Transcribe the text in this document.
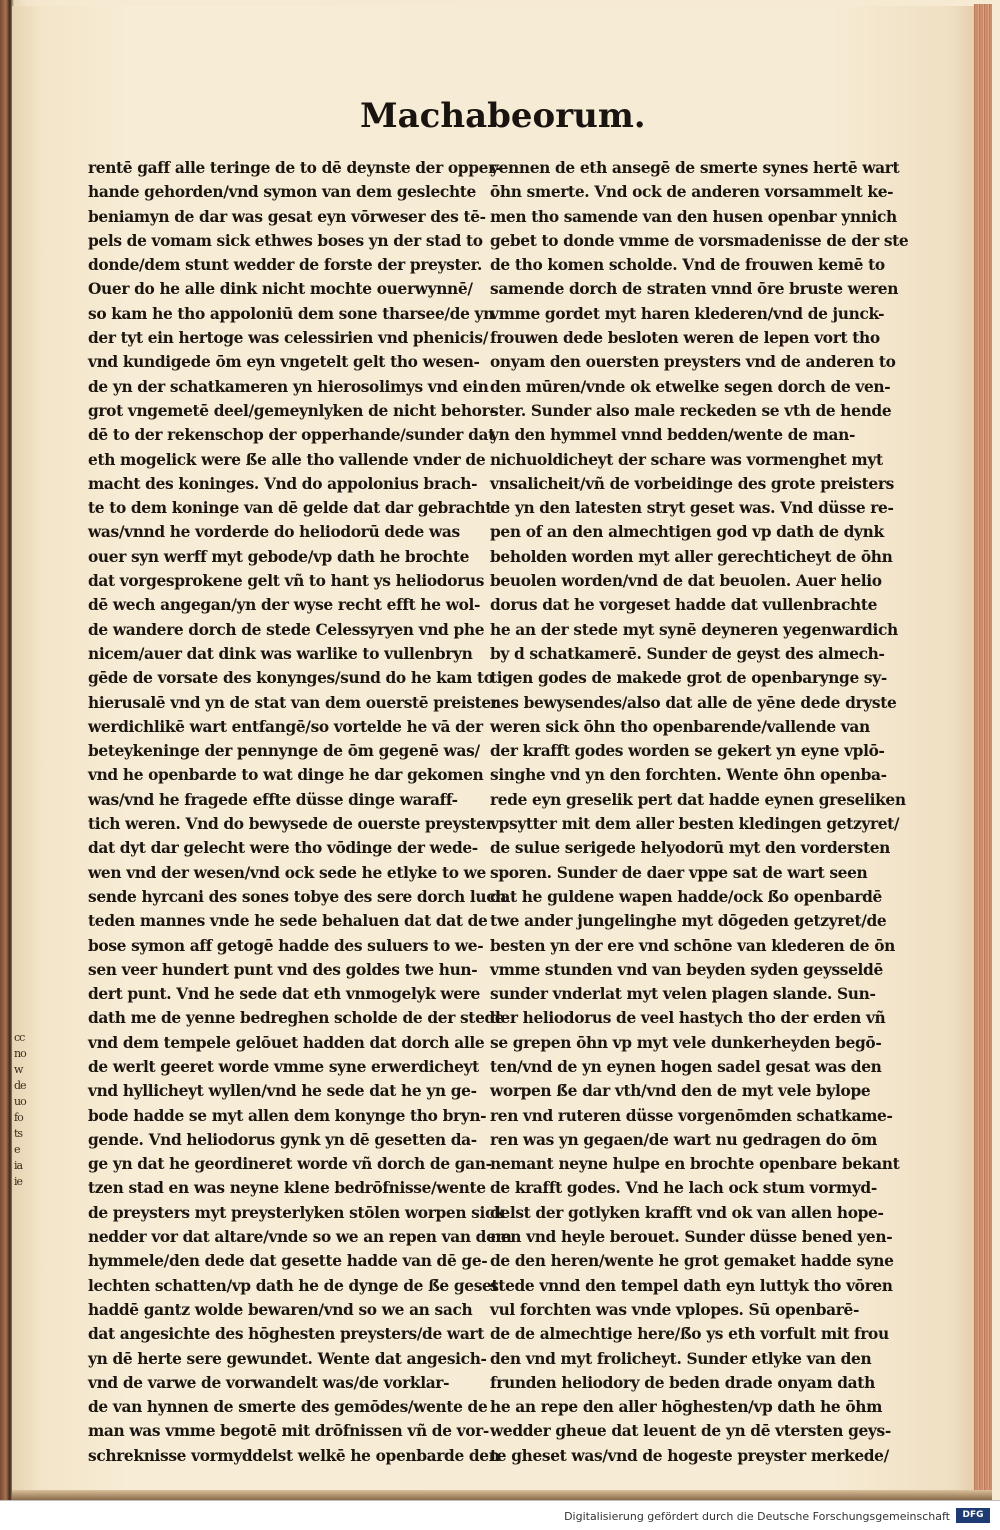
cc
no
w
de
uo
fo
ts
e
ia
ie
Machabeorum.
rentē gaff alle teringe de to dē deynste der opper-
hande gehorden/vnd symon van dem geslechte
beniamyn de dar was gesat eyn vōrweser des tē-
pels de vomam sick ethwes boses yn der stad to
donde/dem stunt wedder de forste der preyster.
Ouer do he alle dink nicht mochte ouerwynnē/
so kam he tho appoloniū dem sone tharsee/de yn
der tyt ein hertoge was celessirien vnd phenicis/
vnd kundigede ōm eyn vngetelt gelt tho wesen-
de yn der schatkameren yn hierosolimys vnd ein
grot vngemetē deel/gemeynlyken de nicht behor-
dē to der rekenschop der opperhande/sunder dat
eth mogelick were ß̄e alle tho vallende vnder de
macht des koninges. Vnd do appolonius brach-
te to dem koninge van dē gelde dat dar gebracht
was/vnnd he vorderde do heliodorū dede was
ouer syn werff myt gebode/vp dath he brochte
dat vorgesprokene gelt vñ to hant ys heliodorus
dē wech angegan/yn der wyse recht efft he wol-
de wandere dorch de stede Celessyryen vnd phe
nicem/auer dat dink was warlike to vullenbryn
gēde de vorsate des konynges/sund do he kam to
hierusalē vnd yn de stat van dem ouerstē preister
werdichlikē wart entfangē/so vortelde he vā der
beteykeninge der pennynge de ōm gegenē was/
vnd he openbarde to wat dinge he dar gekomen
was/vnd he fragede effte düsse dinge waraff-
tich weren. Vnd do bewysede de ouerste preyster
dat dyt dar gelecht were tho vōdinge der wede-
wen vnd der wesen/vnd ock sede he etlyke to we
sende hyrcani des sones tobye des sere dorch luch
teden mannes vnde he sede behaluen dat dat de
bose symon aff getogē hadde des suluers to we-
sen veer hundert punt vnd des goldes twe hun-
dert punt. Vnd he sede dat eth vnmogelyk were
dath me de yenne bedreghen scholde de der stede
vnd dem tempele gelōuet hadden dat dorch alle
de werlt geeret worde vmme syne erwerdicheyt
vnd hyllicheyt wyllen/vnd he sede dat he yn ge-
bode hadde se myt allen dem konynge tho bryn-
gende. Vnd heliodorus gynk yn dē gesetten da-
ge yn dat he geordineret worde vñ dorch de gan-
tzen stad en was neyne klene bedrōfnisse/wente
de preysters myt preysterlyken stōlen worpen sick
nedder vor dat altare/vnde so we an repen van dem
hymmele/den dede dat gesette hadde van dē ge-
lechten schatten/vp dath he de dynge de ß̄e geset
haddē gantz wolde bewaren/vnd so we an sach
dat angesichte des hōghesten preysters/de wart
yn dē herte sere gewundet. Wente dat angesich-
vnd de varwe de vorwandelt was/de vorklar-
de van hynnen de smerte des gemōdes/wente de
man was vmme begotē mit drōfnissen vñ de vor-
schreknisse vormyddelst welkē he openbarde den
yennen de eth ansegē de smerte synes hertē wart
ōhn smerte. Vnd ock de anderen vorsammelt ke-
men tho samende van den husen openbar ynnich
gebet to donde vmme de vorsmadenisse de der ste
de tho komen scholde. Vnd de frouwen kemē to
samende dorch de straten vnnd ōre bruste weren
vmme gordet myt haren klederen/vnd de junck-
frouwen dede besloten weren de lepen vort tho
onyam den ouersten preysters vnd de anderen to
den mūren/vnde ok etwelke segen dorch de ven-
ster. Sunder also male reckeden se vth de hende
yn den hymmel vnnd bedden/wente de man-
nichuoldicheyt der schare was vormenghet myt
vnsalicheit/vñ de vorbeidinge des grote preisters
de yn den latesten stryt geset was. Vnd düsse re-
pen of an den almechtigen god vp dath de dynk
beholden worden myt aller gerechticheyt de ōhn
beuolen worden/vnd de dat beuolen. Auer helio
dorus dat he vorgeset hadde dat vullenbrachte
he an der stede myt synē deyneren yegenwardich
by d schatkamerē. Sunder de geyst des almech-
tigen godes de makede grot de openbarynge sy-
nes bewysendes/also dat alle de yēne dede dryste
weren sick ōhn tho openbarende/vallende van
der krafft godes worden se gekert yn eyne vplō-
singhe vnd yn den forchten. Wente ōhn openba-
rede eyn greselik pert dat hadde eynen greseliken
vpsytter mit dem aller besten kledingen getzyret/
de sulue serigede helyodorū myt den vordersten
sporen. Sunder de daer vppe sat de wart seen
dat he guldene wapen hadde/ock ß̄o openbardē
twe ander jungelinghe myt dōgeden getzyret/de
besten yn der ere vnd schōne van klederen de ōn
vmme stunden vnd van beyden syden geysseldē
sunder vnderlat myt velen plagen slande. Sun-
der heliodorus de veel hastych tho der erden vñ
se grepen ōhn vp myt vele dunkerheyden begō-
ten/vnd de yn eynen hogen sadel gesat was den
worpen ß̄e dar vth/vnd den de myt vele bylope
ren vnd ruteren düsse vorgenōmden schatkame-
ren was yn gegaen/de wart nu gedragen do ōm
nemant neyne hulpe en brochte openbare bekant
de krafft godes. Vnd he lach ock stum vormyd-
delst der gotlyken krafft vnd ok van allen hope-
nen vnd heyle berouet. Sunder düsse bened yen-
de den heren/wente he grot gemaket hadde syne
stede vnnd den tempel dath eyn luttyk tho vōren
vul forchten was vnde vplopes. Sū openbarē-
de de almechtige here/ß̄o ys eth vorfult mit frou
den vnd myt frolicheyt. Sunder etlyke van den
frunden heliodory de beden drade onyam dath
he an repe den aller hōghesten/vp dath he ōhm
wedder gheue dat leuent de yn dē vtersten geys-
te gheset was/vnd de hogeste preyster merkede/
Digitalisierung gefördert durch die Deutsche Forschungsgemeinschaft	DFG
